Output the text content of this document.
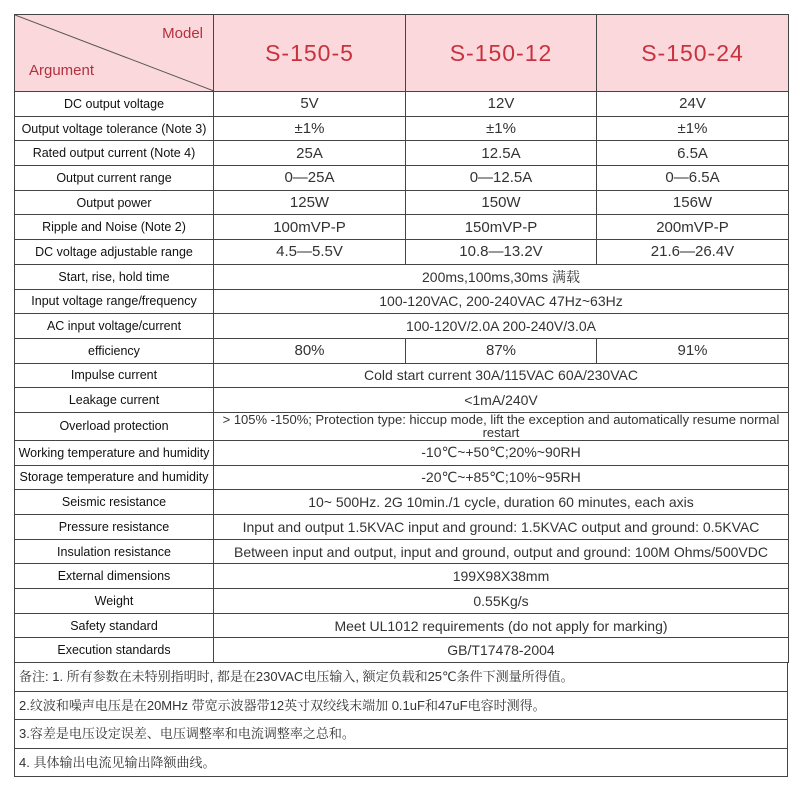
Model
Argument	S-150-5	S-150-12	S-150-24
DC output voltage	5V	12V	24V
Output voltage tolerance (Note 3)	±1%	±1%	±1%
Rated output current (Note 4)	25A	12.5A	6.5A
Output current range	0—25A	0—12.5A	0—6.5A
Output power	125W	150W	156W
Ripple and Noise (Note 2)	100mVP-P	150mVP-P	200mVP-P
DC voltage adjustable range	4.5—5.5V	10.8—13.2V	21.6—26.4V
Start, rise, hold time	200ms,100ms,30ms 满载		
Input voltage range/frequency	100-120VAC, 200-240VAC 47Hz~63Hz		
AC input voltage/current	100-120V/2.0A 200-240V/3.0A		
efficiency	80%	87%	91%
Impulse current	Cold start current 30A/115VAC 60A/230VAC		
Leakage current	<1mA/240V		
Overload protection	> 105% -150%; Protection type: hiccup mode, lift the exception and automatically resume normal restart		
Working temperature and humidity	-10℃~+50℃;20%~90RH		
Storage temperature and humidity	-20℃~+85℃;10%~95RH		
Seismic resistance	10~ 500Hz. 2G 10min./1 cycle, duration 60 minutes, each axis		
Pressure resistance	Input and output 1.5KVAC input and ground: 1.5KVAC output and ground: 0.5KVAC		
Insulation resistance	Between input and output, input and ground, output and ground: 100M Ohms/500VDC		
External dimensions	199X98X38mm		
Weight	0.55Kg/s		
Safety standard	Meet UL1012 requirements (do not apply for marking)		
Execution standards	GB/T17478-2004		
备注: 1. 所有参数在未特别指明时, 都是在230VAC电压输入, 额定负载和25℃条件下测量所得值。
2.纹波和噪声电压是在20MHz 带宽示波器带12英寸双绞线末端加 0.1uF和47uF电容时测得。
3.容差是电压设定误差、电压调整率和电流调整率之总和。
4. 具体输出电流见输出降额曲线。
